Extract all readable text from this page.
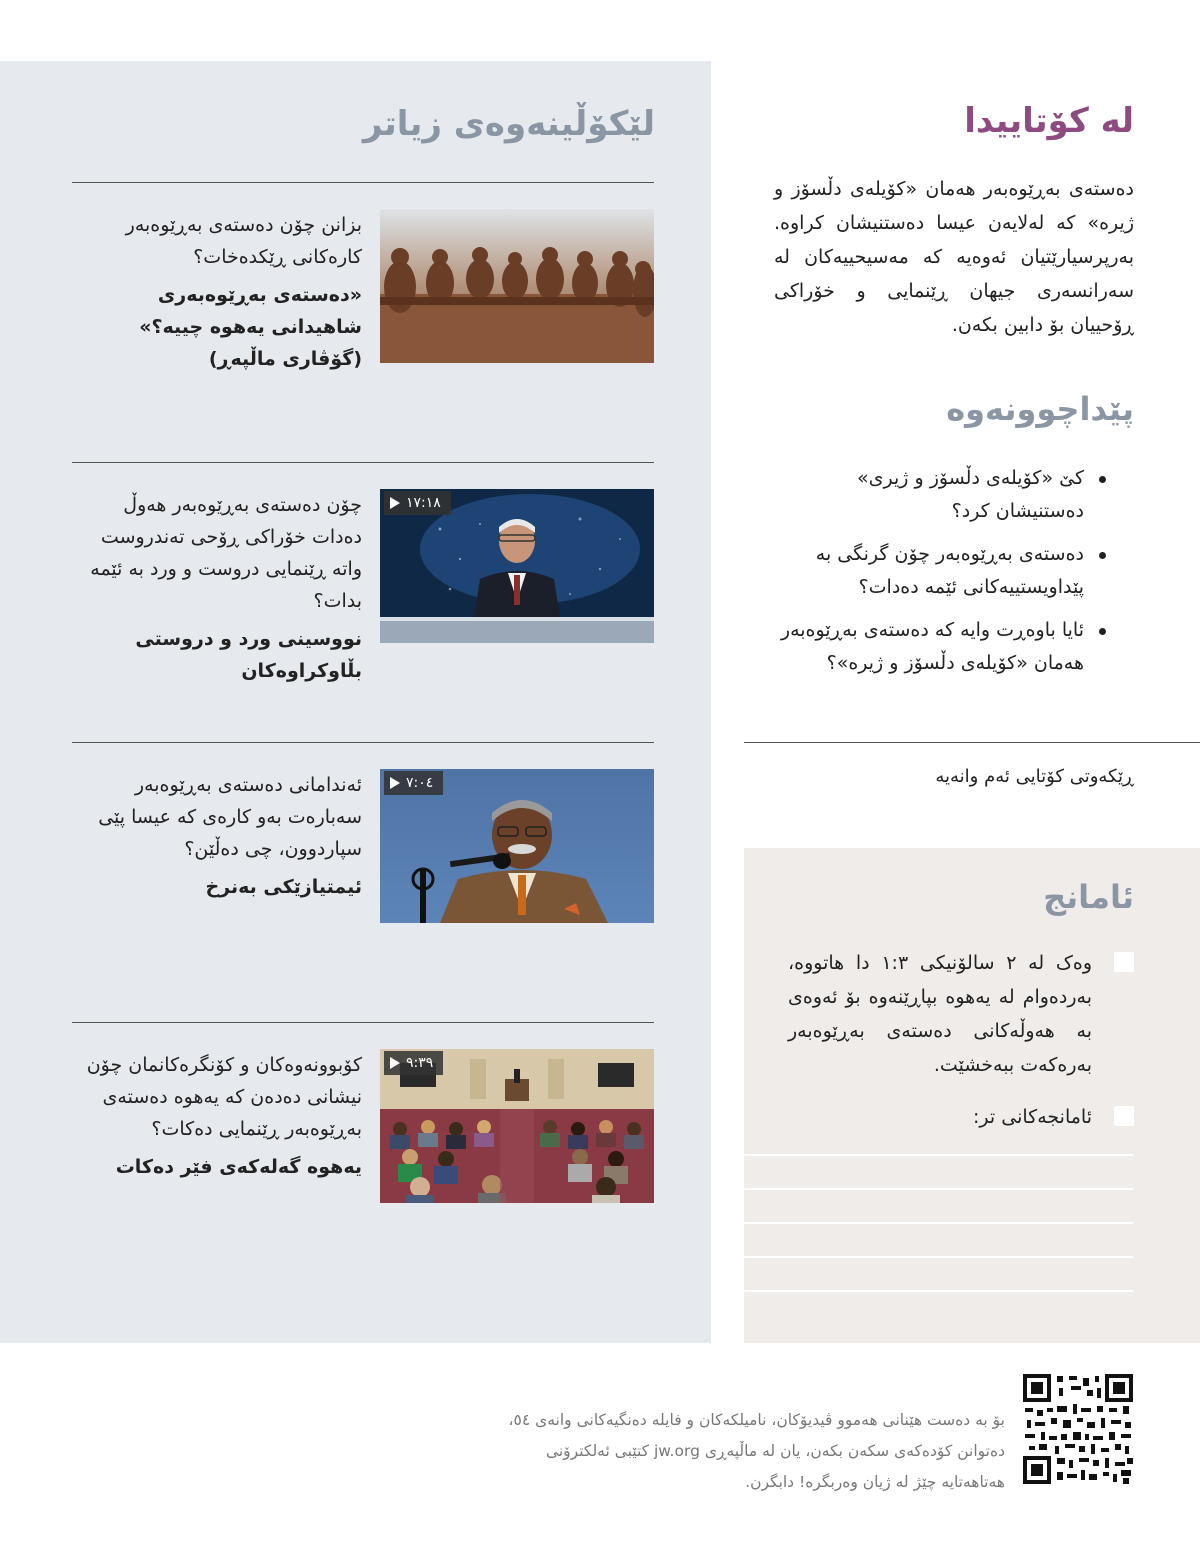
لێکۆڵینەوەی زیاتر
بزانن چۆن دەستەی بەڕێوەبەر کارەکانی ڕێکدەخات؟
«دەستەی بەڕێوەبەری شاهیدانی یەهوە چییە؟» (گۆڤاری ماڵپەڕ)
چۆن دەستەی بەڕێوەبەر هەوڵ دەدات خۆراکی ڕۆحی تەندروست واتە ڕێنمایی دروست و ورد بە ئێمە بدات؟
نووسینی ورد و دروستی بڵاوکراوەکان
١٧:١٨
ئەندامانی دەستەی بەڕێوەبەر سەبارەت بەو کارەی کە عیسا پێی سپاردوون، چی دەڵێن؟
ئیمتیازێکی بەنرخ
٧:٠٤
کۆبوونەوەکان و کۆنگرەکانمان چۆن نیشانی دەدەن کە یەهوە دەستەی بەڕێوەبەر ڕێنمایی دەکات؟
یەهوە گەلەکەی فێر دەکات
٩:٣٩
لە کۆتاییدا
دەستەی بەڕێوەبەر هەمان «کۆیلەی دڵسۆز و ژیرە» کە لەلایەن عیسا دەستنیشان کراوە. بەرپرسیارێتیان ئەوەیە کە مەسیحییەکان لە سەرانسەری جیهان ڕێنمایی و خۆراکی ڕۆحییان بۆ دابین بکەن.
پێداچوونەوە
کێ «کۆیلەی دڵسۆز و ژیری» دەستنیشان کرد؟
دەستەی بەڕێوەبەر چۆن گرنگی بە پێداویستییەکانی ئێمە دەدات؟
ئایا باوەڕت وایە کە دەستەی بەڕێوەبەر هەمان «کۆیلەی دڵسۆز و ژیرە»؟
ڕێکەوتی کۆتایی ئەم وانەیە
ئامانج
وەک لە ٢ سالۆنیکی ١:٣ دا هاتووە، بەردەوام لە یەهوە بپاڕێنەوە بۆ ئەوەی بە هەوڵەکانی دەستەی بەڕێوەبەر بەرەکەت ببەخشێت.
ئامانجەکانی تر:
بۆ بە دەست هێنانی هەموو ڤیدیۆکان، نامیلکەکان و فایلە دەنگیەکانی وانەی ٥٤، دەتوانن کۆدەکەی سکەن بکەن، یان لە ماڵپەڕی jw.org کتێبی ئەلکترۆنی هەتاهەتایە چێژ لە ژیان وەربگرە! دابگرن.
